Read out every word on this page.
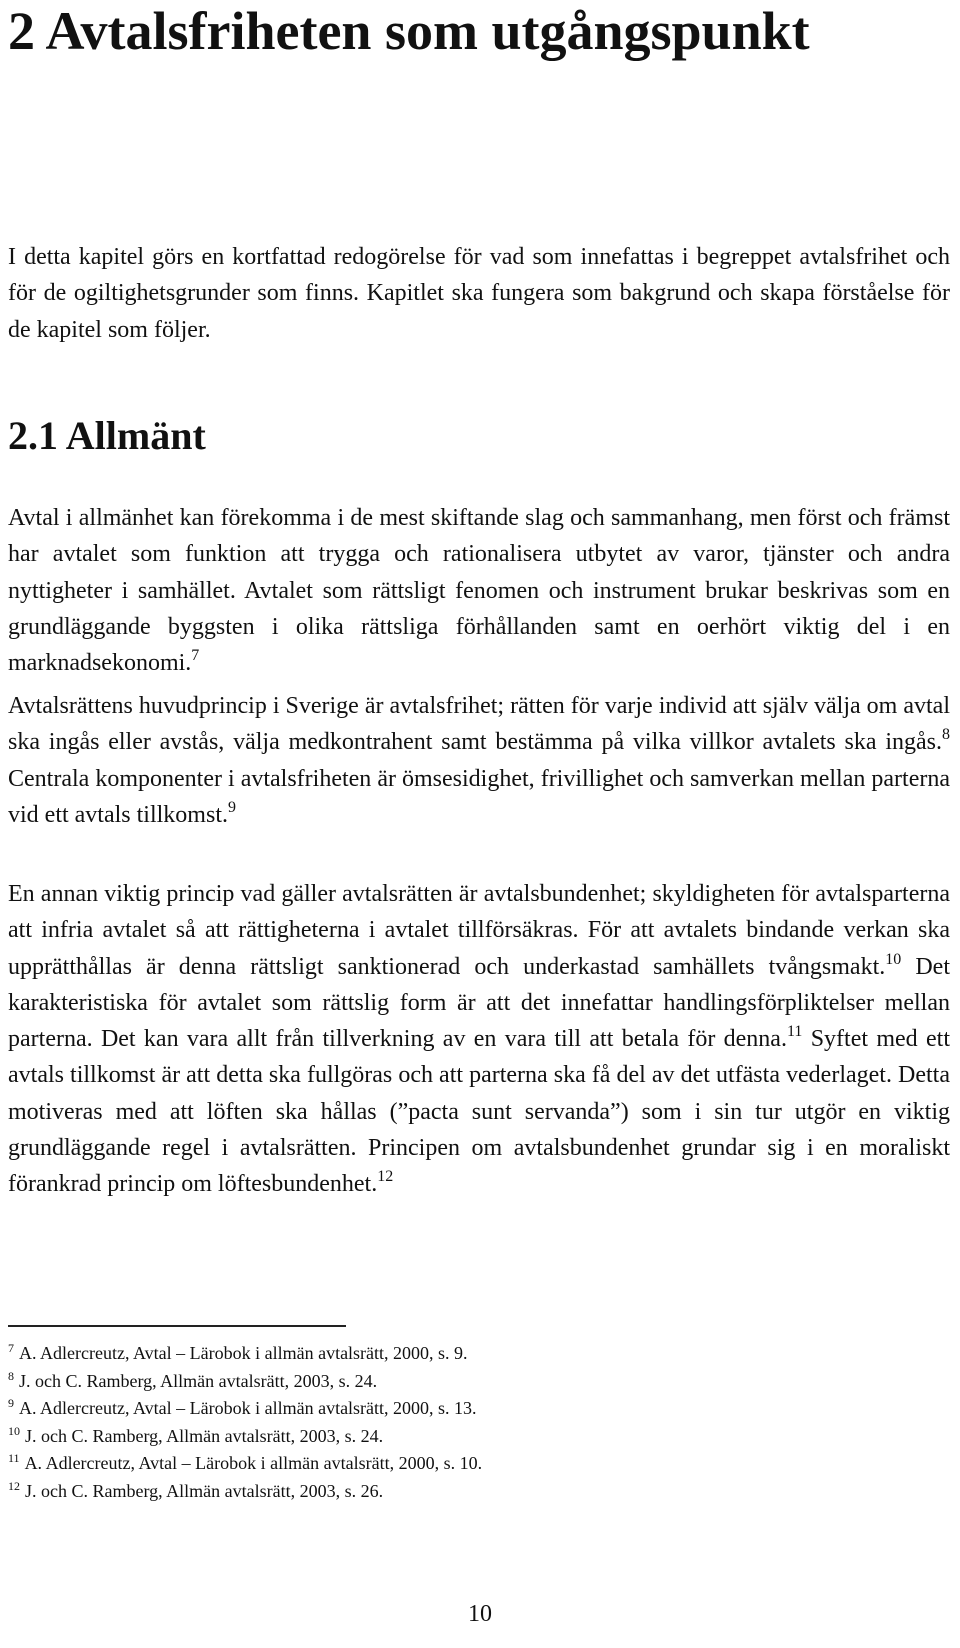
2 Avtalsfriheten som utgångspunkt

I detta kapitel görs en kortfattad redogörelse för vad som innefattas i begreppet avtalsfrihet och för de ogiltighetsgrunder som finns. Kapitlet ska fungera som bakgrund och skapa förståelse för de kapitel som följer.

2.1 Allmänt

Avtal i allmänhet kan förekomma i de mest skiftande slag och sammanhang, men först och främst har avtalet som funktion att trygga och rationalisera utbytet av varor, tjänster och andra nyttigheter i samhället. Avtalet som rättsligt fenomen och instrument brukar beskrivas som en grundläggande byggsten i olika rättsliga förhållanden samt en oerhört viktig del i en marknadsekonomi.$^7$

Avtalsrättens huvudprincip i Sverige är avtalsfrihet; rätten för varje individ att själv välja om avtal ska ingås eller avstås, välja medkontrahent samt bestämma på vilka villkor avtalets ska ingås.$^8$ Centrala komponenter i avtalsfriheten är ömsesidighet, frivillighet och samverkan mellan parterna vid ett avtals tillkomst.$^9$

En annan viktig princip vad gäller avtalsrätten är avtalsbundenhet; skyldigheten för avtalsparterna att infria avtalet så att rättigheterna i avtalet tillförsäkras. För att avtalets bindande verkan ska upprätthållas är denna rättsligt sanktionerad och underkastad samhällets tvångsmakt.$^{10}$ Det karakteristiska för avtalet som rättslig form är att det innefattar handlingsförpliktelser mellan parterna. Det kan vara allt från tillverkning av en vara till att betala för denna.$^{11}$ Syftet med ett avtals tillkomst är att detta ska fullgöras och att parterna ska få del av det utfästa vederlaget. Detta motiveras med att löften ska hållas (”pacta sunt servanda”) som i sin tur utgör en viktig grundläggande regel i avtalsrätten. Principen om avtalsbundenhet grundar sig i en moraliskt förankrad princip om löftesbundenhet.$^{12}$

$^7$ A. Adlercreutz, Avtal – Lärobok i allmän avtalsrätt, 2000, s. 9.
$^8$ J. och C. Ramberg, Allmän avtalsrätt, 2003, s. 24.
$^9$ A. Adlercreutz, Avtal – Lärobok i allmän avtalsrätt, 2000, s. 13.
$^{10}$ J. och C. Ramberg, Allmän avtalsrätt, 2003, s. 24.
$^{11}$ A. Adlercreutz, Avtal – Lärobok i allmän avtalsrätt, 2000, s. 10.
$^{12}$ J. och C. Ramberg, Allmän avtalsrätt, 2003, s. 26.
10
